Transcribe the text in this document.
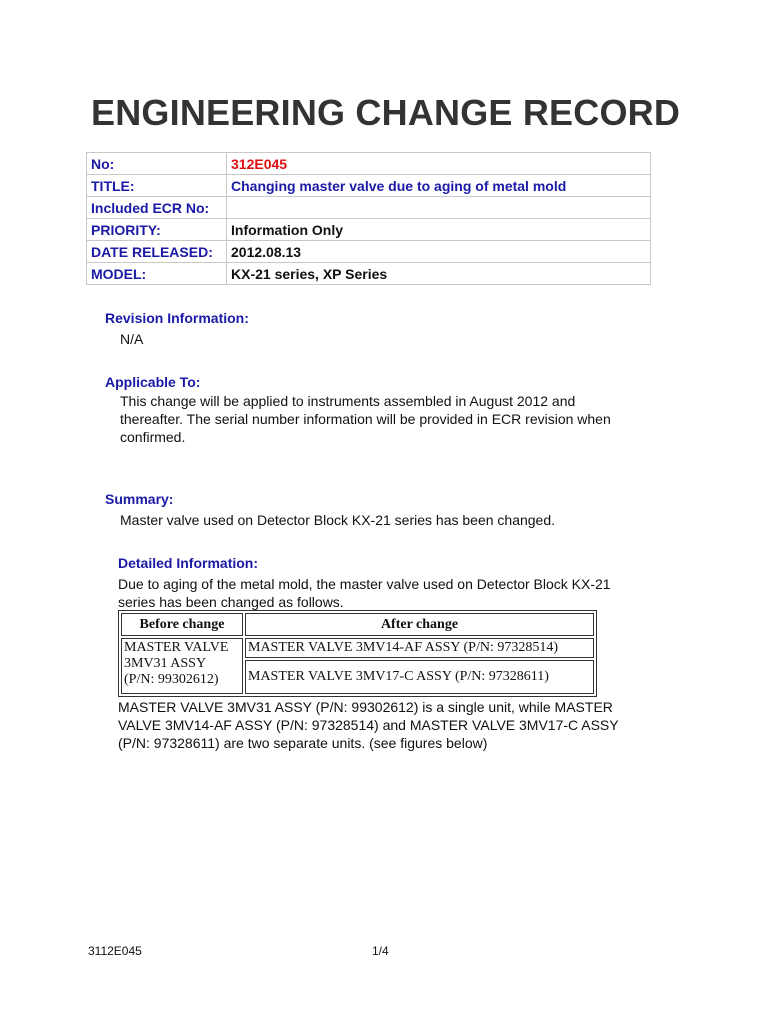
ENGINEERING CHANGE RECORD
No:	312E045
TITLE:	Changing master valve due to aging of metal mold
Included ECR No:	
PRIORITY:	Information Only
DATE RELEASED:	2012.08.13
MODEL:	KX-21 series, XP Series
Revision Information:
N/A
Applicable To:
This change will be applied to instruments assembled in August 2012 and
thereafter. The serial number information will be provided in ECR revision when
confirmed.
Summary:
Master valve used on Detector Block KX-21 series has been changed.
Detailed Information:
Due to aging of the metal mold, the master valve used on Detector Block KX-21
series has been changed as follows.
Before change	After change

MASTER VALVE
3MV31 ASSY
(P/N: 99302612)	MASTER VALVE 3MV14-AF ASSY (P/N: 97328514)
	MASTER VALVE 3MV17-C ASSY (P/N: 97328611)
MASTER VALVE 3MV31 ASSY (P/N: 99302612) is a single unit, while MASTER
VALVE 3MV14-AF ASSY (P/N: 97328514) and MASTER VALVE 3MV17-C ASSY
(P/N: 97328611) are two separate units. (see figures below)
3112E045	1/4
